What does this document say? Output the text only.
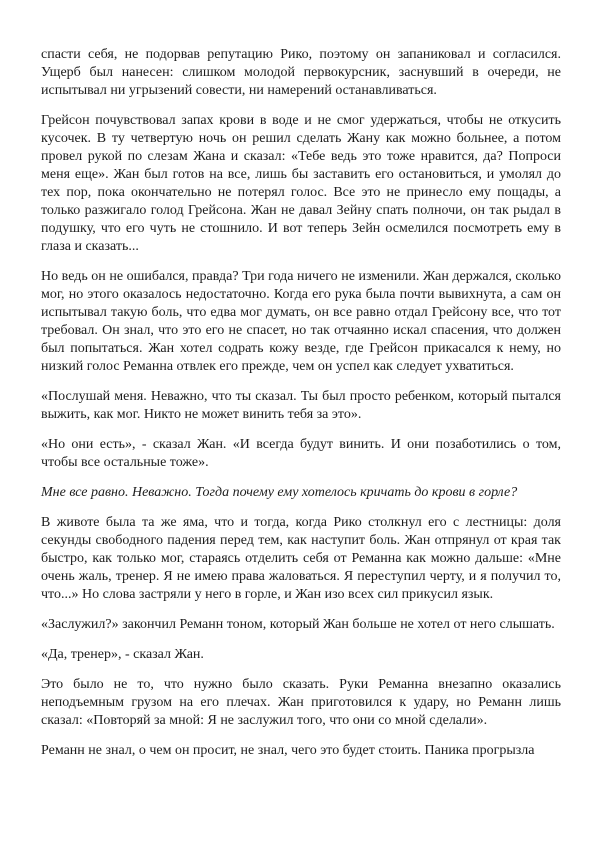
спасти себя, не подорвав репутацию Рико, поэтому он запаниковал и согласился. Ущерб был нанесен: слишком молодой первокурсник, заснувший в очереди, не испытывал ни угрызений совести, ни намерений останавливаться.

Грейсон почувствовал запах крови в воде и не смог удержаться, чтобы не откусить кусочек. В ту четвертую ночь он решил сделать Жану как можно больнее, а потом провел рукой по слезам Жана и сказал: «Тебе ведь это тоже нравится, да? Попроси меня еще». Жан был готов на все, лишь бы заставить его остановиться, и умолял до тех пор, пока окончательно не потерял голос. Все это не принесло ему пощады, а только разжигало голод Грейсона. Жан не давал Зейну спать полночи, он так рыдал в подушку, что его чуть не стошнило. И вот теперь Зейн осмелился посмотреть ему в глаза и сказать...

Но ведь он не ошибался, правда? Три года ничего не изменили. Жан держался, сколько мог, но этого оказалось недостаточно. Когда его рука была почти вывихнута, а сам он испытывал такую боль, что едва мог думать, он все равно отдал Грейсону все, что тот требовал. Он знал, что это его не спасет, но так отчаянно искал спасения, что должен был попытаться. Жан хотел содрать кожу везде, где Грейсон прикасался к нему, но низкий голос Реманна отвлек его прежде, чем он успел как следует ухватиться.

«Послушай меня. Неважно, что ты сказал. Ты был просто ребенком, который пытался выжить, как мог. Никто не может винить тебя за это».

«Но они есть», - сказал Жан. «И всегда будут винить. И они позаботились о том, чтобы все остальные тоже».

Мне все равно. Неважно. Тогда почему ему хотелось кричать до крови в горле?

В животе была та же яма, что и тогда, когда Рико столкнул его с лестницы: доля секунды свободного падения перед тем, как наступит боль. Жан отпрянул от края так быстро, как только мог, стараясь отделить себя от Реманна как можно дальше: «Мне очень жаль, тренер. Я не имею права жаловаться. Я переступил черту, и я получил то, что...» Но слова застряли у него в горле, и Жан изо всех сил прикусил язык.

«Заслужил?» закончил Реманн тоном, который Жан больше не хотел от него слышать.

«Да, тренер», - сказал Жан.

Это было не то, что нужно было сказать. Руки Реманна внезапно оказались неподъемным грузом на его плечах. Жан приготовился к удару, но Реманн лишь сказал: «Повторяй за мной: Я не заслужил того, что они со мной сделали».

Реманн не знал, о чем он просит, не знал, чего это будет стоить. Паника прогрызла
